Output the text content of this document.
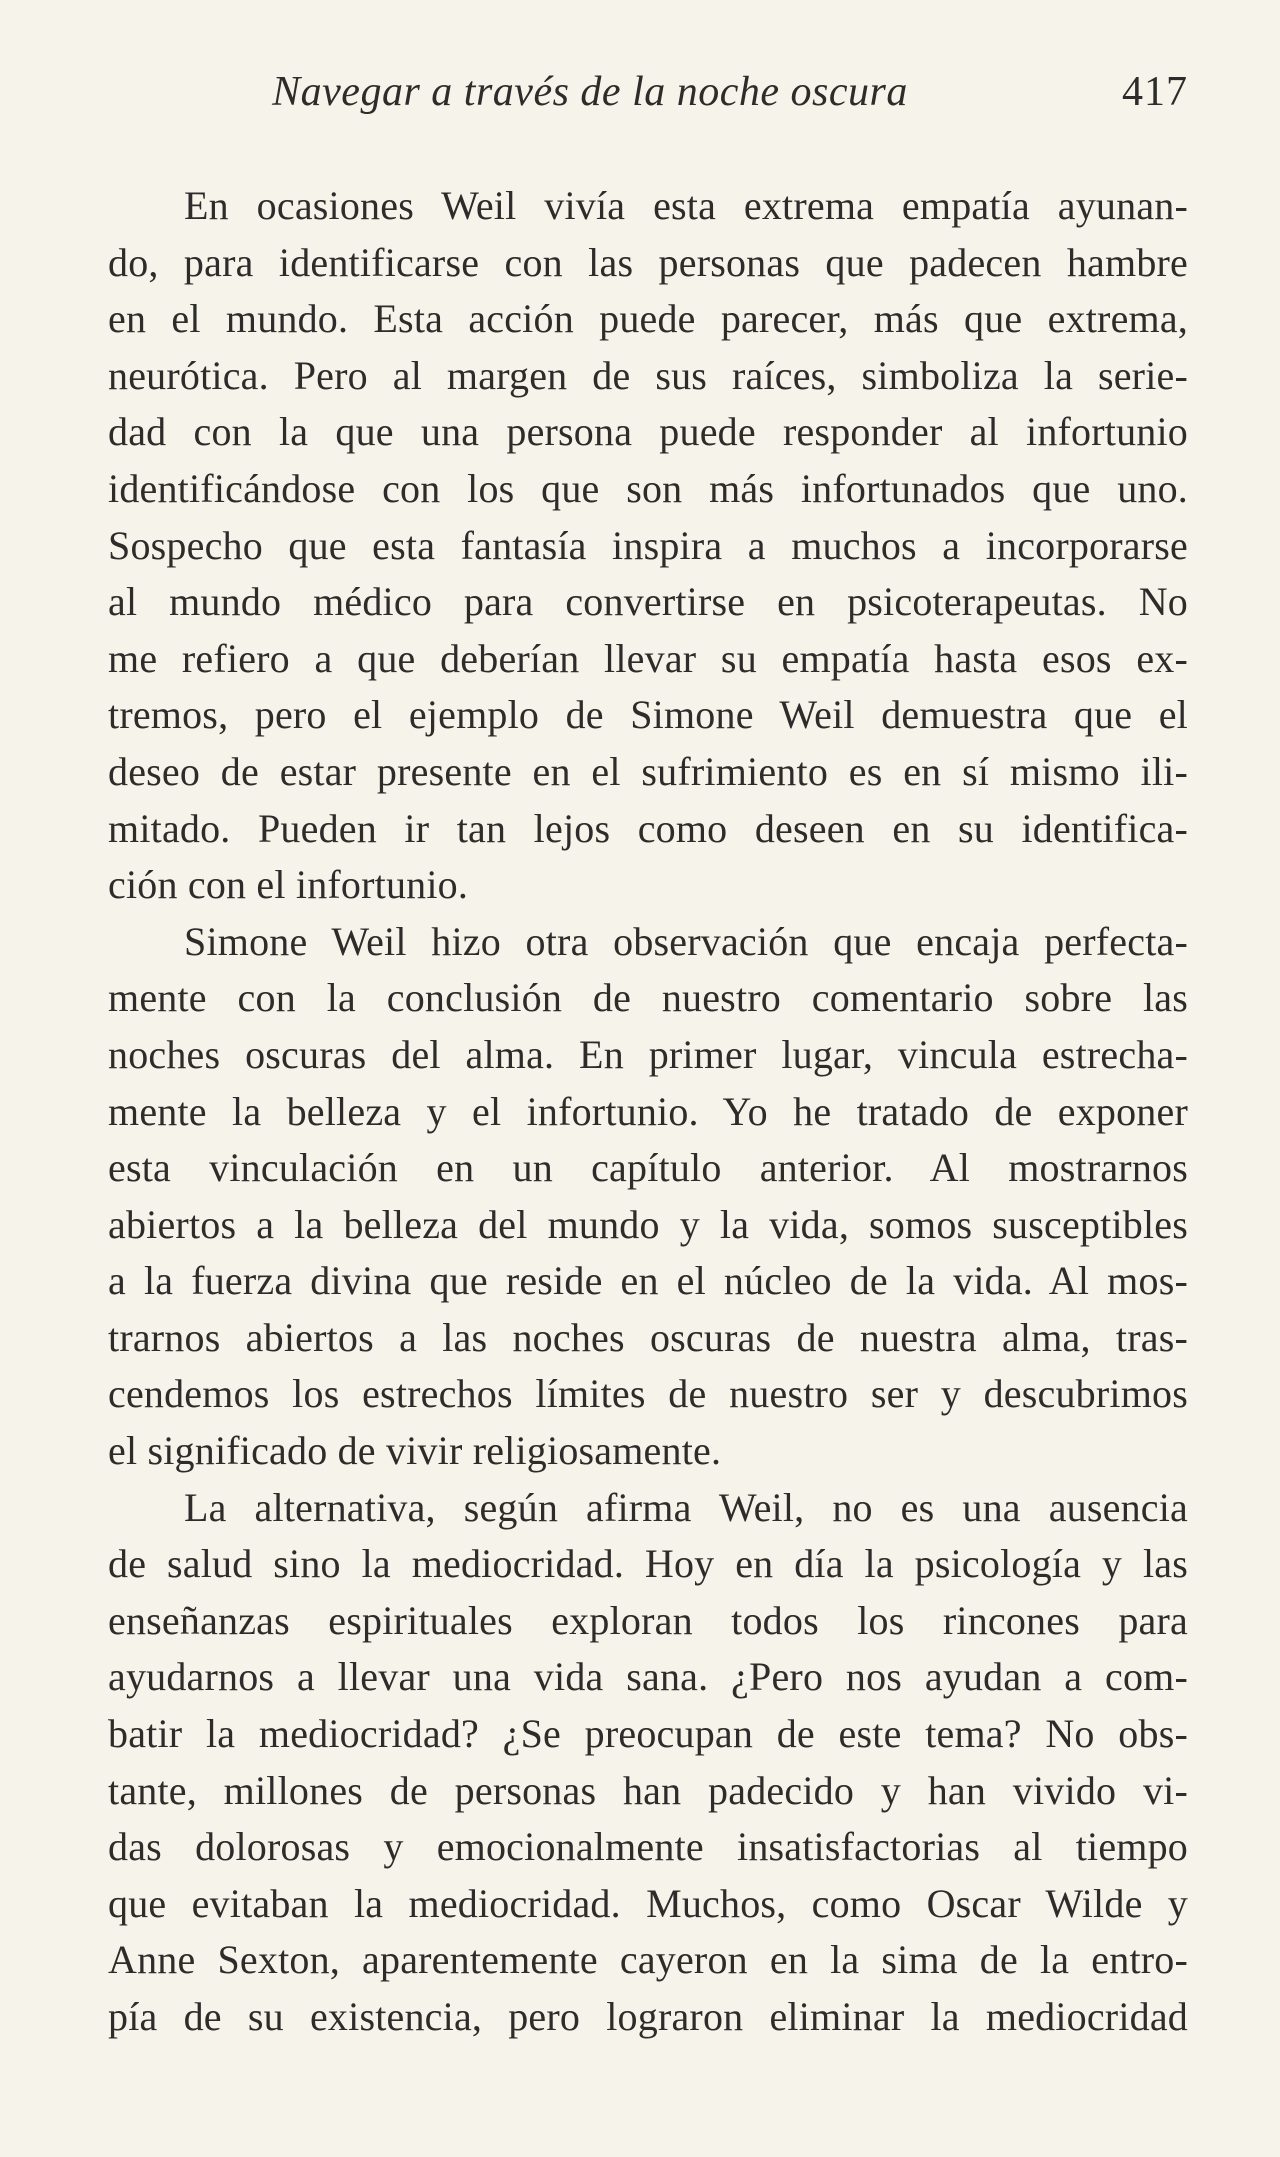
Navegar a través de la noche oscura	417
En ocasiones Weil vivía esta extrema empatía ayunan-
do, para identificarse con las personas que padecen hambre
en el mundo. Esta acción puede parecer, más que extrema,
neurótica. Pero al margen de sus raíces, simboliza la serie-
dad con la que una persona puede responder al infortunio
identificándose con los que son más infortunados que uno.
Sospecho que esta fantasía inspira a muchos a incorporarse
al mundo médico para convertirse en psicoterapeutas. No
me refiero a que deberían llevar su empatía hasta esos ex-
tremos, pero el ejemplo de Simone Weil demuestra que el
deseo de estar presente en el sufrimiento es en sí mismo ili-
mitado. Pueden ir tan lejos como deseen en su identifica-
ción con el infortunio.
Simone Weil hizo otra observación que encaja perfecta-
mente con la conclusión de nuestro comentario sobre las
noches oscuras del alma. En primer lugar, vincula estrecha-
mente la belleza y el infortunio. Yo he tratado de exponer
esta vinculación en un capítulo anterior. Al mostrarnos
abiertos a la belleza del mundo y la vida, somos susceptibles
a la fuerza divina que reside en el núcleo de la vida. Al mos-
trarnos abiertos a las noches oscuras de nuestra alma, tras-
cendemos los estrechos límites de nuestro ser y descubrimos
el significado de vivir religiosamente.
La alternativa, según afirma Weil, no es una ausencia
de salud sino la mediocridad. Hoy en día la psicología y las
enseñanzas espirituales exploran todos los rincones para
ayudarnos a llevar una vida sana. ¿Pero nos ayudan a com-
batir la mediocridad? ¿Se preocupan de este tema? No obs-
tante, millones de personas han padecido y han vivido vi-
das dolorosas y emocionalmente insatisfactorias al tiempo
que evitaban la mediocridad. Muchos, como Oscar Wilde y
Anne Sexton, aparentemente cayeron en la sima de la entro-
pía de su existencia, pero lograron eliminar la mediocridad
